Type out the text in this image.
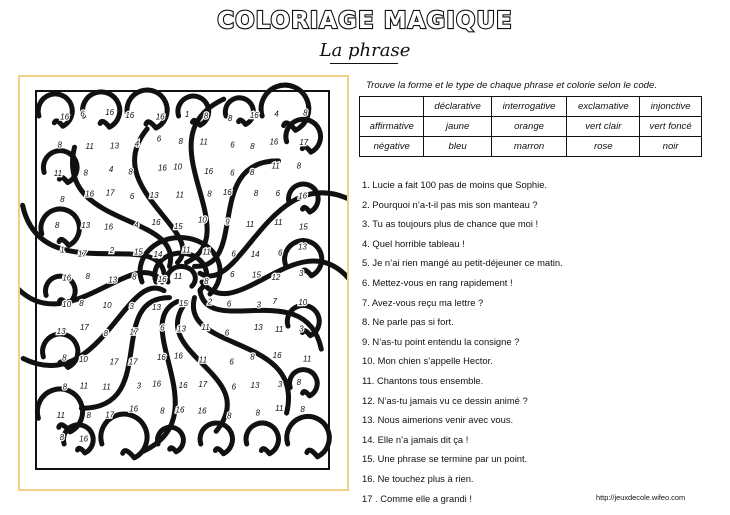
COLORIAGE MAGIQUE
La phrase
16 6	16 16	16	1 8 8 16 4	8
8	11 13 4
6 8 11	6 8
16	17
11	8	4 8	16 10	16 6 8
11 8
8
16 17 6 13 11	8 16	8 6 16
8	13 16	4 16 15
10 9 11 11 15
1 17	2 15 14 11 11	6 14 6
13
16 8 13 8	16 11
8
6 15 12 3
10 8 10 3 13 15 2 6	3 7	10
13 17
8	17	6 13 11
6
13 11 3
8 10	17 17 16 16 11	6
8 16	11
8 11 11	3 16 16 17	6 13 3 8
11	8 17
16	8 16 16
8	8 11 8
8 16
Trouve la forme et le type de chaque phrase et colorie selon le code.
	déclarative	interrogative	exclamative	injonctive
affirmative	jaune	orange	vert clair	vert foncé
négative	bleu	marron	rose	noir
1. Lucie a fait 100 pas de moins que Sophie.
2. Pourquoi n’a-t-il pas mis son manteau ?
3. Tu as toujours plus de chance que moi !
4. Quel horrible tableau !
5. Je n’ai rien mangé au petit-déjeuner ce matin.
6. Mettez-vous en rang rapidement !
7. Avez-vous reçu ma lettre ?
8. Ne parle pas si fort.
9. N’as-tu point entendu la consigne ?
10. Mon chien s’appelle Hector.
11. Chantons tous ensemble.
12. N’as-tu jamais vu ce dessin animé ?
13. Nous aimerions venir avec vous.
14. Elle n’a jamais dit ça !
15. Une phrase se termine par un point.
16. Ne touchez plus à rien.
17 . Comme elle a grandi !	http://jeuxdecole.wifeo.com
